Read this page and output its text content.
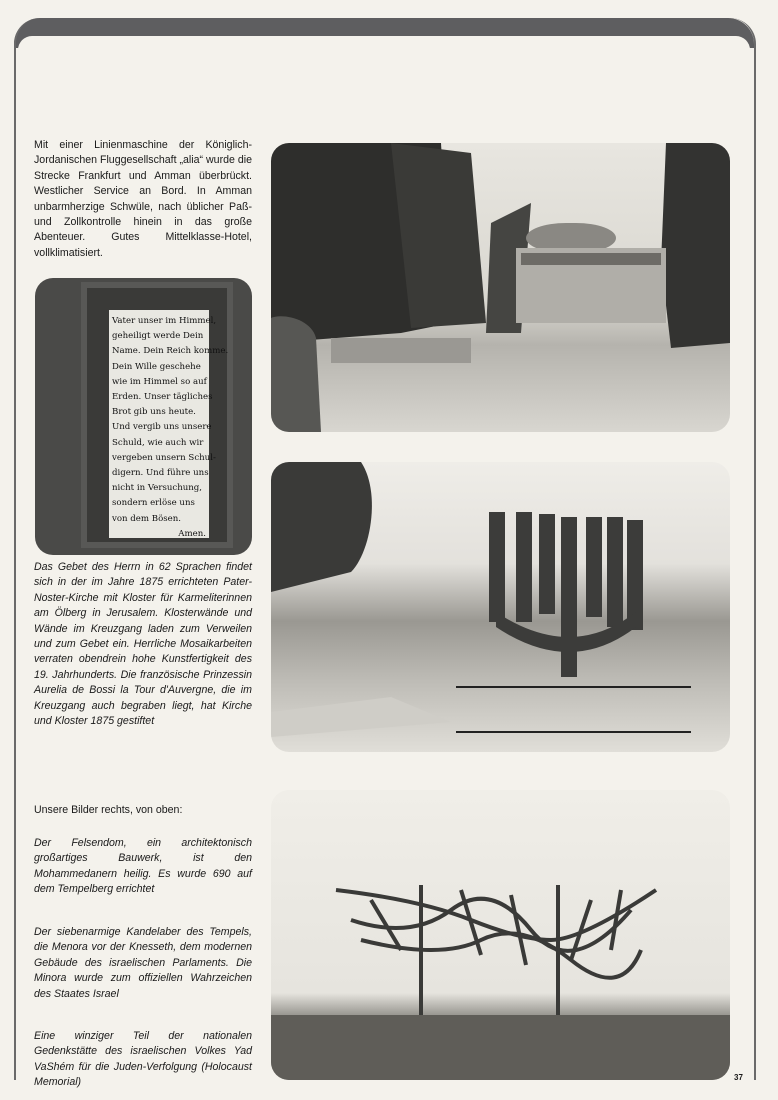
Mit einer Linienmaschine der Königlich-Jordanischen Fluggesellschaft „alia“ wurde die Strecke Frankfurt und Amman überbrückt. Westlicher Service an Bord. In Amman unbarmherzige Schwüle, nach üblicher Paß- und Zollkontrolle hinein in das große Abenteuer. Gutes Mittelklasse-Hotel, vollklimatisiert.

Vater unser im Himmel,
geheiligt werde Dein
Name. Dein Reich komme.
Dein Wille geschehe
wie im Himmel so auf
Erden. Unser tägliches
Brot gib uns heute.
Und vergib uns unsere
Schuld, wie auch wir
vergeben unsern Schul-
digern. Und führe uns
nicht in Versuchung,
sondern erlöse uns
von dem Bösen.
Amen.

Das Gebet des Herrn in 62 Sprachen findet sich in der im Jahre 1875 errichteten Pater-Noster-Kirche mit Kloster für Karmeliterinnen am Ölberg in Jerusalem. Klosterwände und Wände im Kreuzgang laden zum Verweilen und zum Gebet ein. Herrliche Mosaikarbeiten verraten obendrein hohe Kunstfertigkeit des 19. Jahrhunderts. Die französische Prinzessin Aurelia de Bossi la Tour d'Auvergne, die im Kreuzgang auch begraben liegt, hat Kirche und Kloster 1875 gestiftet

Unsere Bilder rechts, von oben:

Der Felsendom, ein architektonisch großartiges Bauwerk, ist den Mohammedanern heilig. Es wurde 690 auf dem Tempelberg errichtet

Der siebenarmige Kandelaber des Tempels, die Menora vor der Knesseth, dem modernen Gebäude des israelischen Parlaments. Die Minora wurde zum offiziellen Wahrzeichen des Staates Israel

Eine winziger Teil der nationalen Gedenkstätte des israelischen Volkes Yad VaShém für die Juden-Verfolgung (Holocaust Memorial)	37
